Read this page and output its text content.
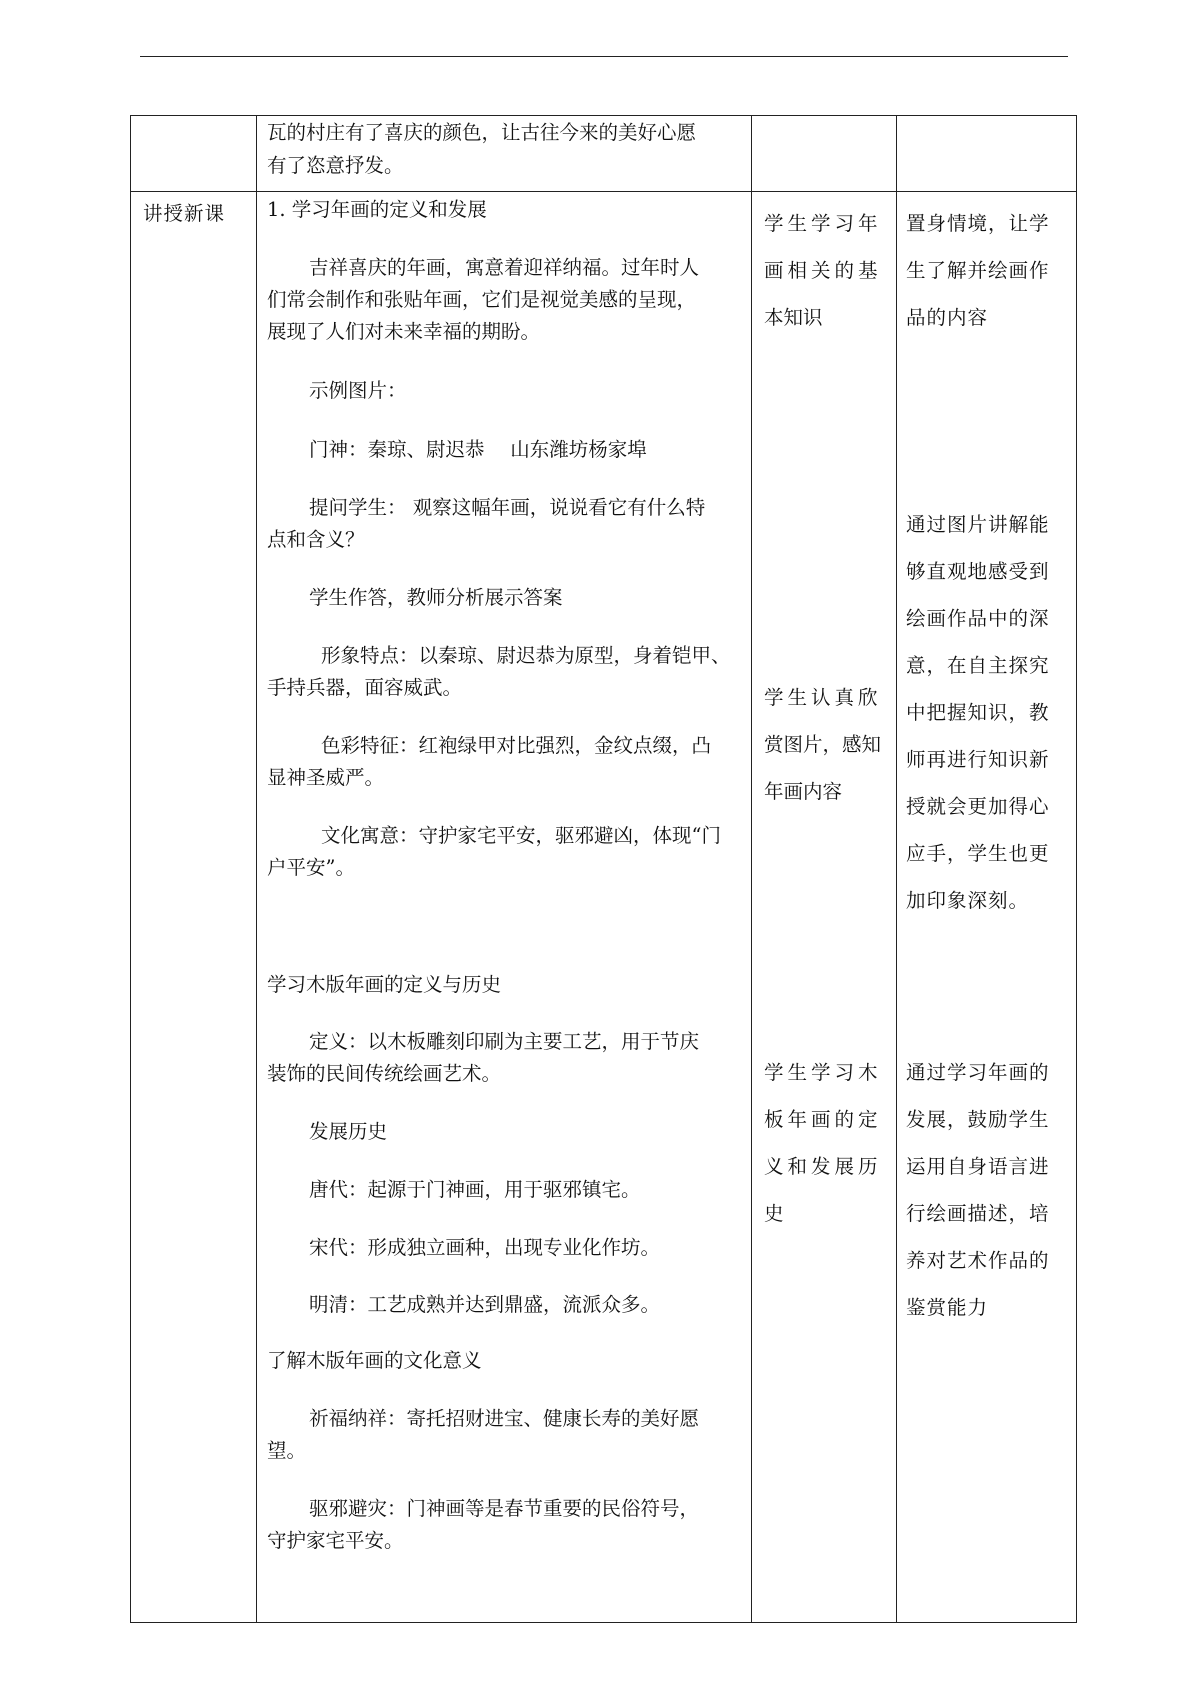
瓦的村庄有了喜庆的颜色，让古往今来的美好心愿
有了恣意抒发。
讲授新课 1. 学习年画的定义和发展
吉祥喜庆的年画，寓意着迎祥纳福。过年时人
们常会制作和张贴年画，它们是视觉美感的呈现，
展现了人们对未来幸福的期盼。
示例图片：
门神：秦琼、尉迟恭　 山东潍坊杨家埠
提问学生： 观察这幅年画，说说看它有什么特
点和含义？
学生作答，教师分析展示答案
形象特点：以秦琼、尉迟恭为原型，身着铠甲、
手持兵器，面容威武。
色彩特征：红袍绿甲对比强烈，金纹点缀，凸
显神圣威严。
文化寓意：守护家宅平安，驱邪避凶，体现“门
户平安”。
学习木版年画的定义与历史
定义：以木板雕刻印刷为主要工艺，用于节庆
装饰的民间传统绘画艺术。
发展历史
唐代：起源于门神画，用于驱邪镇宅。
宋代：形成独立画种，出现专业化作坊。
明清：工艺成熟并达到鼎盛，流派众多。
了解木版年画的文化意义
祈福纳祥：寄托招财进宝、健康长寿的美好愿
望。
驱邪避灾：门神画等是春节重要的民俗符号，
守护家宅平安。
学生学习年
画相关的基
本知识
学生认真欣
赏图片，感知
年画内容
学生学习木
板年画的定
义和发展历
史
置身情境，让学
生了解并绘画作
品的内容
通过图片讲解能
够直观地感受到
绘画作品中的深
意，在自主探究
中把握知识，教
师再进行知识新
授就会更加得心
应手，学生也更
加印象深刻。
通过学习年画的
发展，鼓励学生
运用自身语言进
行绘画描述，培
养对艺术作品的
鉴赏能力
